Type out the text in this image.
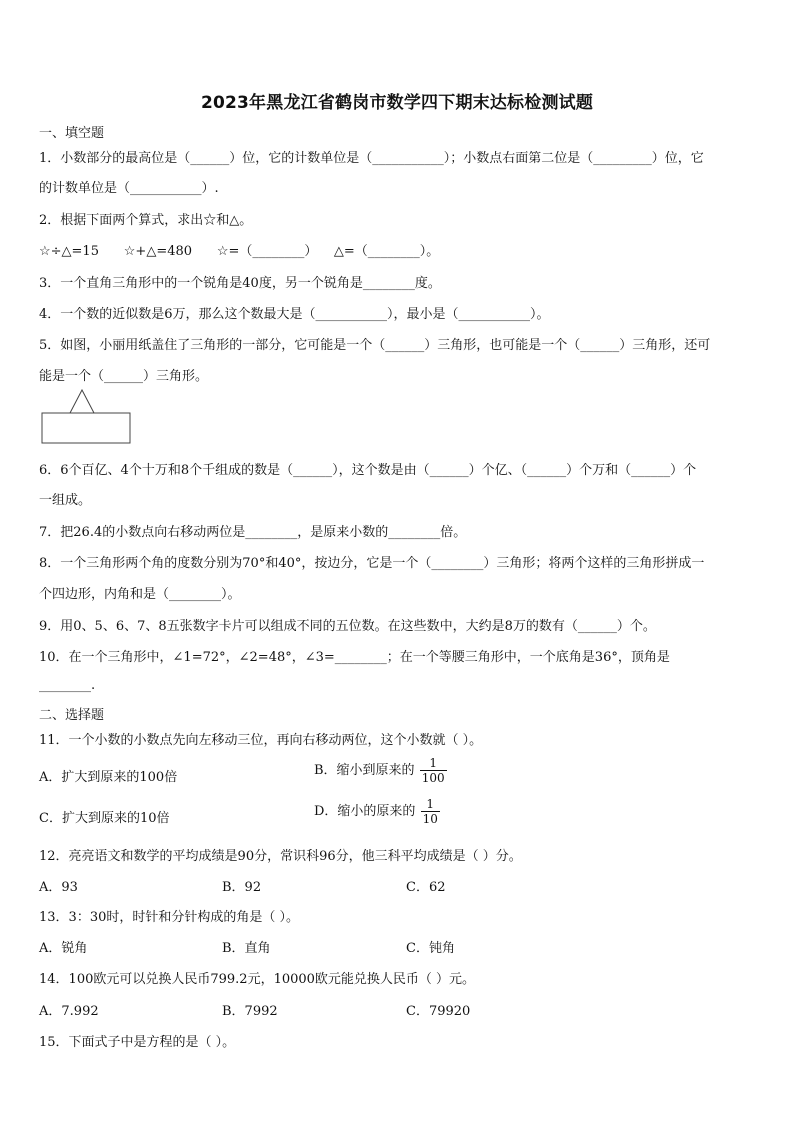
2023年黑龙江省鹤岗市数学四下期末达标检测试题
一、填空题
1．小数部分的最高位是（______）位，它的计数单位是（___________）；小数点右面第二位是（_________）位，它
的计数单位是（___________）.
2．根据下面两个算式，求出☆和△。
☆÷△=15      ☆+△=480      ☆=（________）    △=（________）。
3．一个直角三角形中的一个锐角是40度，另一个锐角是________度。
4．一个数的近似数是6万，那么这个数最大是（___________），最小是（___________）。
5．如图，小丽用纸盖住了三角形的一部分，它可能是一个（______）三角形，也可能是一个（______）三角形，还可
能是一个（______）三角形。
6．6个百亿、4个十万和8个千组成的数是（______），这个数是由（______）个亿、（______）个万和（______）个
一组成。
7．把26.4的小数点向右移动两位是________，是原来小数的________倍。
8．一个三角形两个角的度数分别为70°和40°，按边分，它是一个（________）三角形；将两个这样的三角形拼成一
个四边形，内角和是（________）。
9．用0、5、6、7、8五张数字卡片可以组成不同的五位数。在这些数中，大约是8万的数有（______）个。
10．在一个三角形中，∠1=72°，∠2=48°，∠3=________；在一个等腰三角形中，一个底角是36°，顶角是
________.
二、选择题
11．一个小数的小数点先向左移动三位，再向右移动两位，这个小数就（ ）。
A．扩大到原来的100倍	B．缩小到原来的 $\frac{1}{100}$
C．扩大到原来的10倍	D．缩小的原来的 $\frac{1}{10}$
12．亮亮语文和数学的平均成绩是90分，常识科96分，他三科平均成绩是（ ）分。
A．93	B．92	C．62
13．3：30时，时针和分针构成的角是（ ）。
A．锐角	B．直角	C．钝角
14．100欧元可以兑换人民币799.2元，10000欧元能兑换人民币（ ）元。
A．7.992	B．7992	C．79920
15．下面式子中是方程的是（ ）。
